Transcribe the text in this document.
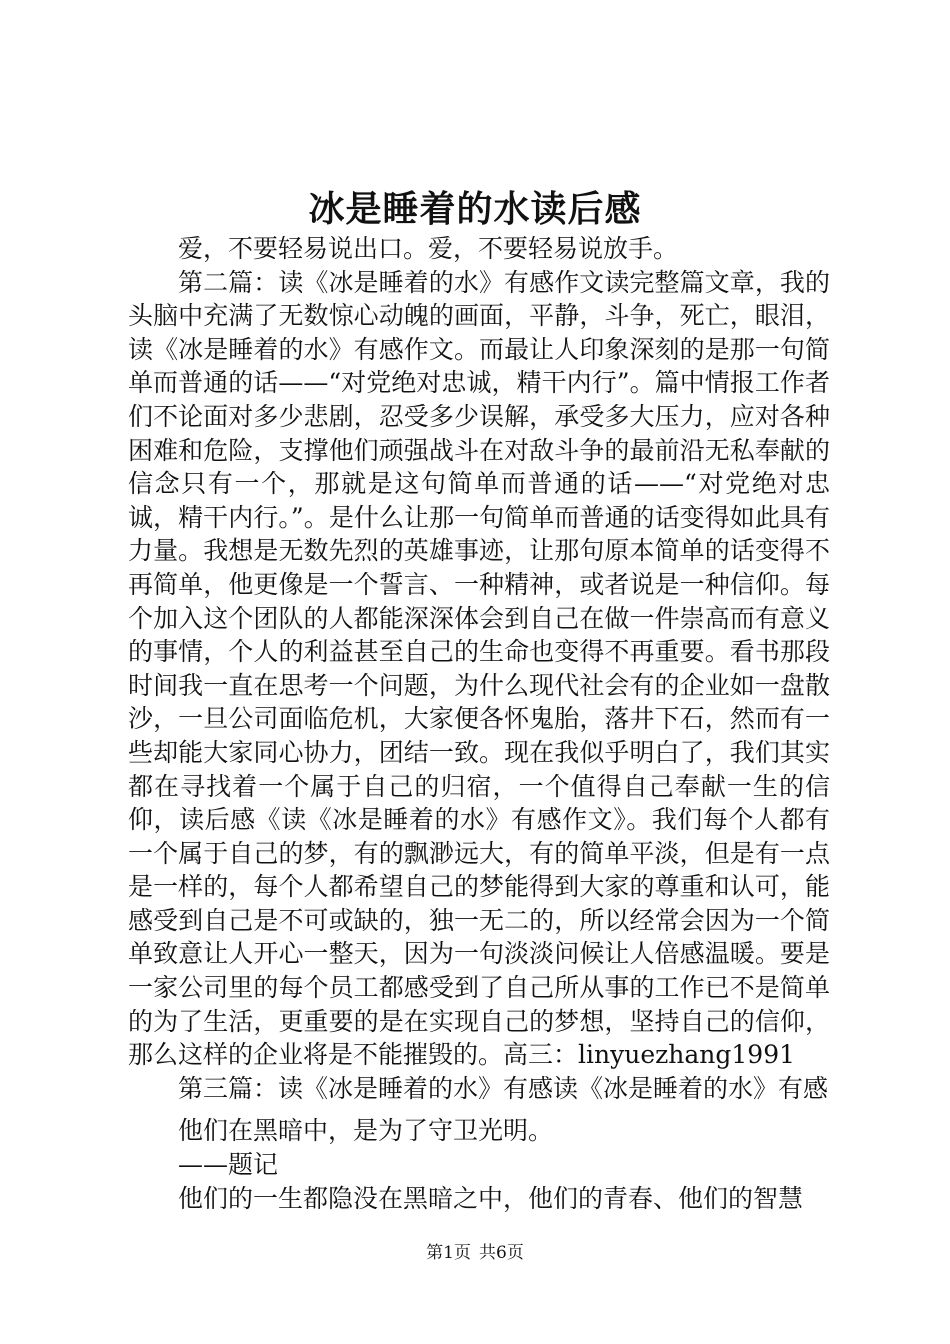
冰是睡着的水读后感

爱，不要轻易说出口。爱，不要轻易说放手。

第二篇：读《冰是睡着的水》有感作文读完整篇文章，我的头脑中充满了无数惊心动魄的画面，平静，斗争，死亡，眼泪，读《冰是睡着的水》有感作文。而最让人印象深刻的是那一句简单而普通的话——“对党绝对忠诚，精干内行”。篇中情报工作者们不论面对多少悲剧，忍受多少误解，承受多大压力，应对各种困难和危险，支撑他们顽强战斗在对敌斗争的最前沿无私奉献的信念只有一个，那就是这句简单而普通的话——“对党绝对忠诚，精干内行。”。是什么让那一句简单而普通的话变得如此具有力量。我想是无数先烈的英雄事迹，让那句原本简单的话变得不再简单，他更像是一个誓言、一种精神，或者说是一种信仰。每个加入这个团队的人都能深深体会到自己在做一件崇高而有意义的事情，个人的利益甚至自己的生命也变得不再重要。看书那段时间我一直在思考一个问题，为什么现代社会有的企业如一盘散沙，一旦公司面临危机，大家便各怀鬼胎，落井下石，然而有一些却能大家同心协力，团结一致。现在我似乎明白了，我们其实都在寻找着一个属于自己的归宿，一个值得自己奉献一生的信仰，读后感《读《冰是睡着的水》有感作文》。我们每个人都有一个属于自己的梦，有的飘渺远大，有的简单平淡，但是有一点是一样的，每个人都希望自己的梦能得到大家的尊重和认可，能感受到自己是不可或缺的，独一无二的，所以经常会因为一个简单致意让人开心一整天，因为一句淡淡问候让人倍感温暖。要是一家公司里的每个员工都感受到了自己所从事的工作已不是简单的为了生活，更重要的是在实现自己的梦想，坚持自己的信仰，那么这样的企业将是不能摧毁的。高三：linyuezhang1991

第三篇：读《冰是睡着的水》有感读《冰是睡着的水》有感

他们在黑暗中，是为了守卫光明。

——题记

他们的一生都隐没在黑暗之中，他们的青春、他们的智慧

第1页 共6页
